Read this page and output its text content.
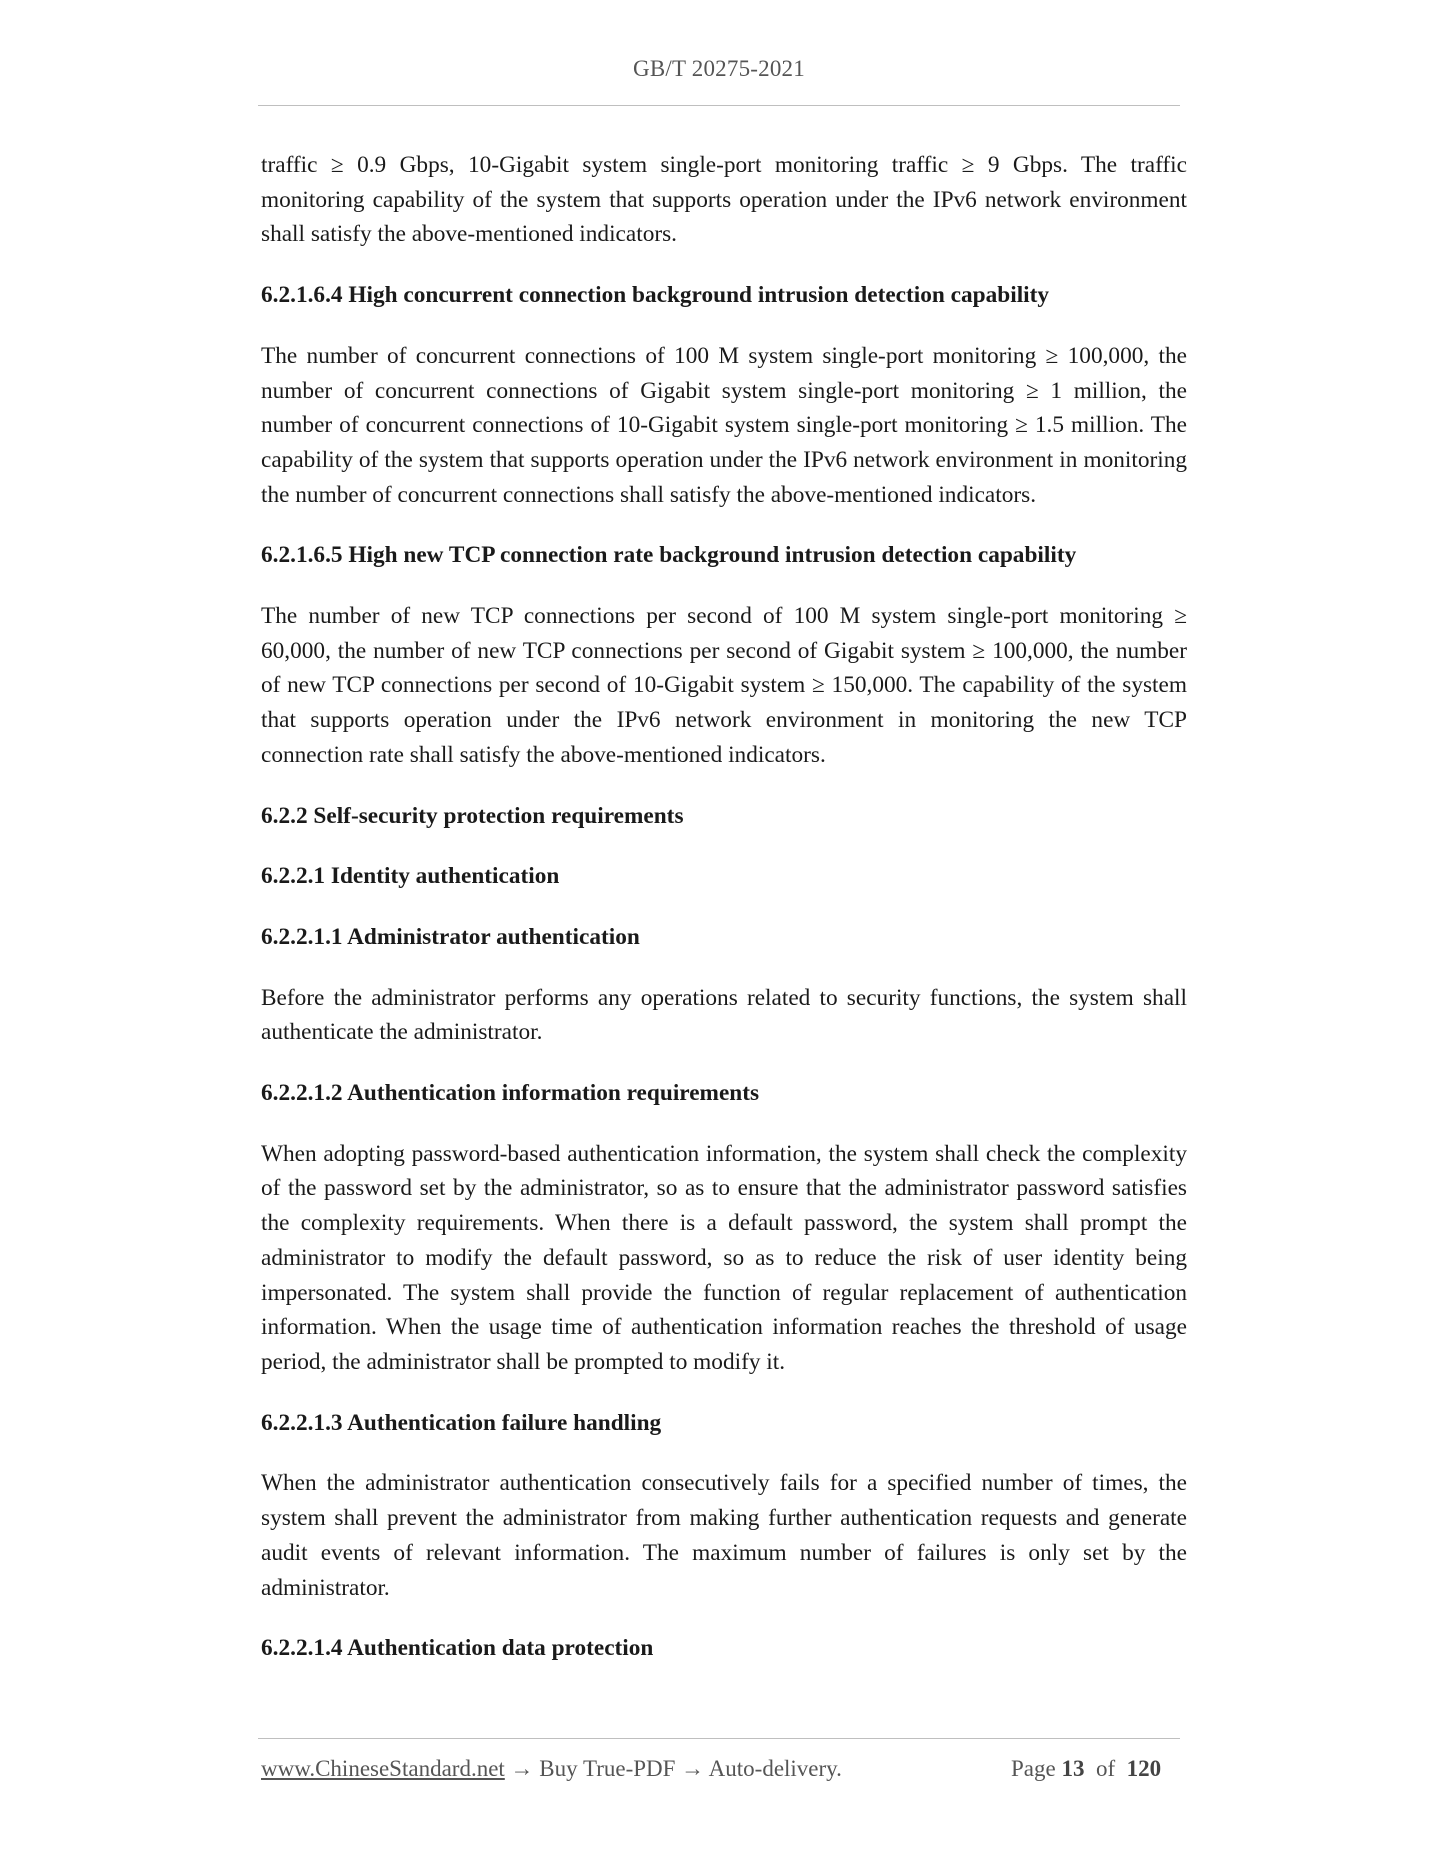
GB/T 20275-2021

traffic ≥ 0.9 Gbps, 10-Gigabit system single-port monitoring traffic ≥ 9 Gbps. The traffic monitoring capability of the system that supports operation under the IPv6 network environment shall satisfy the above-mentioned indicators.

6.2.1.6.4 High concurrent connection background intrusion detection capability

The number of concurrent connections of 100 M system single-port monitoring ≥ 100,000, the number of concurrent connections of Gigabit system single-port monitoring ≥ 1 million, the number of concurrent connections of 10-Gigabit system single-port monitoring ≥ 1.5 million. The capability of the system that supports operation under the IPv6 network environment in monitoring the number of concurrent connections shall satisfy the above-mentioned indicators.

6.2.1.6.5 High new TCP connection rate background intrusion detection capability

The number of new TCP connections per second of 100 M system single-port monitoring ≥ 60,000, the number of new TCP connections per second of Gigabit system ≥ 100,000, the number of new TCP connections per second of 10-Gigabit system ≥ 150,000. The capability of the system that supports operation under the IPv6 network environment in monitoring the new TCP connection rate shall satisfy the above-mentioned indicators.

6.2.2 Self-security protection requirements

6.2.2.1 Identity authentication

6.2.2.1.1 Administrator authentication

Before the administrator performs any operations related to security functions, the system shall authenticate the administrator.

6.2.2.1.2 Authentication information requirements

When adopting password-based authentication information, the system shall check the complexity of the password set by the administrator, so as to ensure that the administrator password satisfies the complexity requirements. When there is a default password, the system shall prompt the administrator to modify the default password, so as to reduce the risk of user identity being impersonated. The system shall provide the function of regular replacement of authentication information. When the usage time of authentication information reaches the threshold of usage period, the administrator shall be prompted to modify it.

6.2.2.1.3 Authentication failure handling

When the administrator authentication consecutively fails for a specified number of times, the system shall prevent the administrator from making further authentication requests and generate audit events of relevant information. The maximum number of failures is only set by the administrator.

6.2.2.1.4 Authentication data protection

www.ChineseStandard.net → Buy True-PDF → Auto-delivery.	Page 13 of 120
